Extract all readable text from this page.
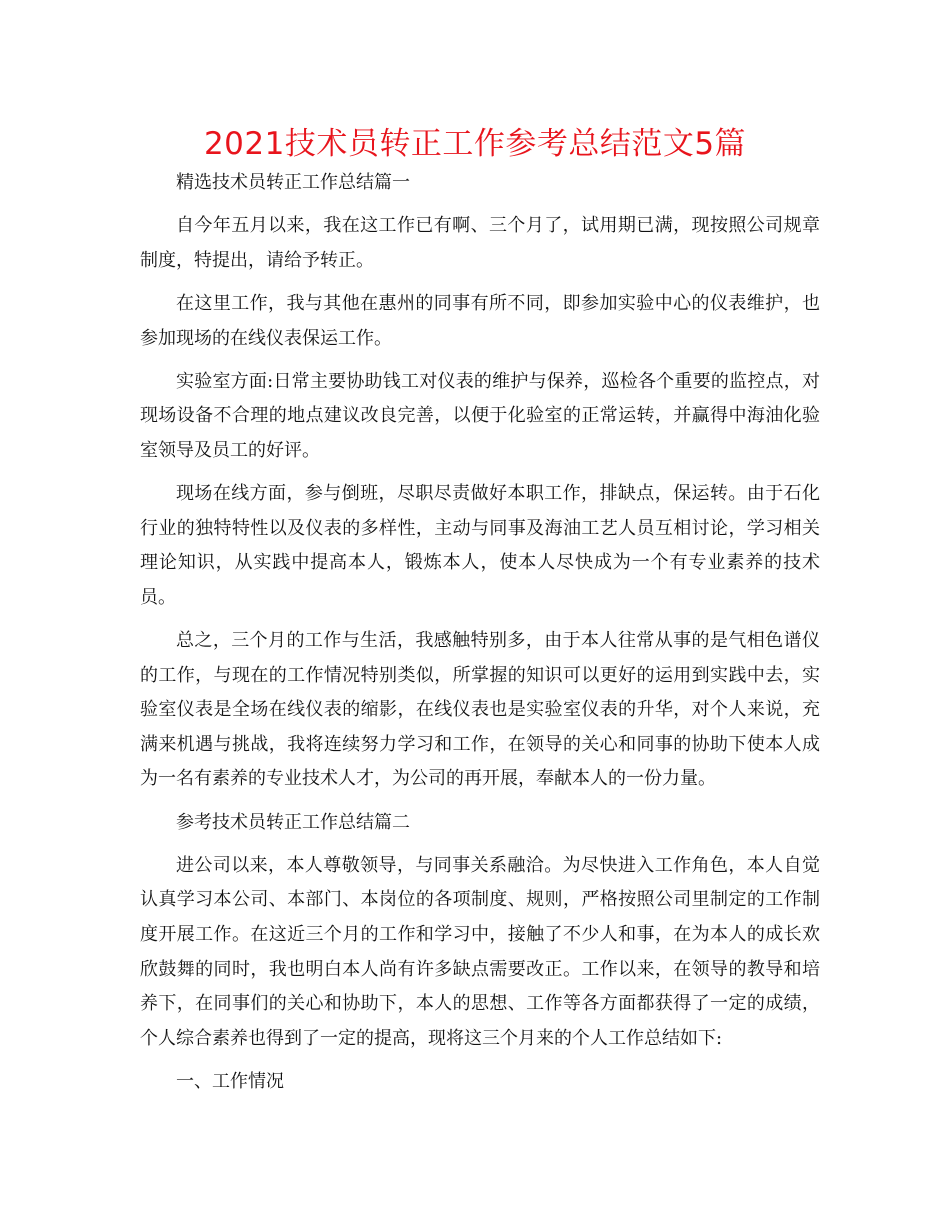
2021技术员转正工作参考总结范文5篇

精选技术员转正工作总结篇一

自今年五月以来，我在这工作已有啊、三个月了，试用期已满，现按照公司规章制度，特提出，请给予转正。

在这里工作，我与其他在惠州的同事有所不同，即参加实验中心的仪表维护，也参加现场的在线仪表保运工作。

实验室方面:日常主要协助钱工对仪表的维护与保养，巡检各个重要的监控点，对现场设备不合理的地点建议改良完善，以便于化验室的正常运转，并赢得中海油化验室领导及员工的好评。

现场在线方面，参与倒班，尽职尽责做好本职工作，排缺点，保运转。由于石化行业的独特特性以及仪表的多样性，主动与同事及海油工艺人员互相讨论，学习相关理论知识，从实践中提高本人，锻炼本人，使本人尽快成为一个有专业素养的技术员。

总之，三个月的工作与生活，我感触特别多，由于本人往常从事的是气相色谱仪的工作，与现在的工作情况特别类似，所掌握的知识可以更好的运用到实践中去，实验室仪表是全场在线仪表的缩影，在线仪表也是实验室仪表的升华，对个人来说，充满来机遇与挑战，我将连续努力学习和工作，在领导的关心和同事的协助下使本人成为一名有素养的专业技术人才，为公司的再开展，奉献本人的一份力量。

参考技术员转正工作总结篇二

进公司以来，本人尊敬领导，与同事关系融洽。为尽快进入工作角色，本人自觉认真学习本公司、本部门、本岗位的各项制度、规则，严格按照公司里制定的工作制度开展工作。在这近三个月的工作和学习中，接触了不少人和事，在为本人的成长欢欣鼓舞的同时，我也明白本人尚有许多缺点需要改正。工作以来，在领导的教导和培养下，在同事们的关心和协助下，本人的思想、工作等各方面都获得了一定的成绩，个人综合素养也得到了一定的提高，现将这三个月来的个人工作总结如下:

一、工作情况
